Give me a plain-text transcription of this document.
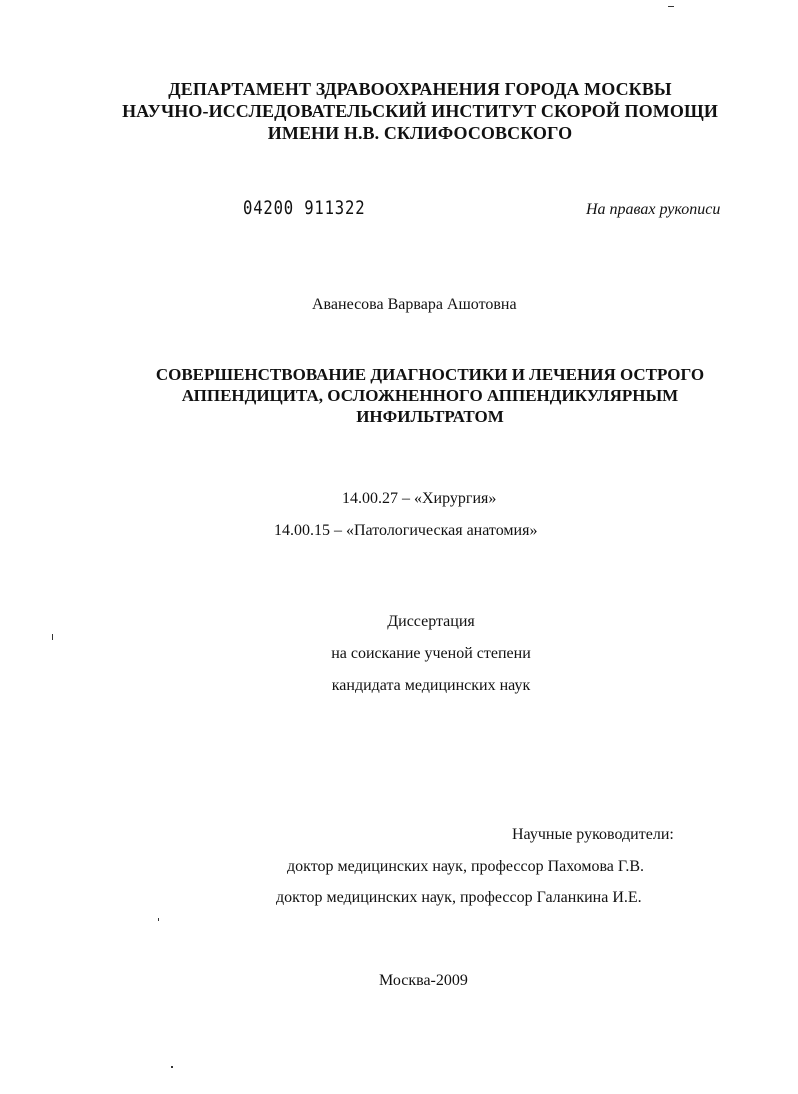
ДЕПАРТАМЕНТ ЗДРАВООХРАНЕНИЯ ГОРОДА МОСКВЫ
НАУЧНО-ИССЛЕДОВАТЕЛЬСКИЙ ИНСТИТУТ СКОРОЙ ПОМОЩИ
ИМЕНИ Н.В. СКЛИФОСОВСКОГО
04200 911322	На правах рукописи
Аванесова Варвара Ашотовна
СОВЕРШЕНСТВОВАНИЕ ДИАГНОСТИКИ И ЛЕЧЕНИЯ ОСТРОГО
АППЕНДИЦИТА, ОСЛОЖНЕННОГО АППЕНДИКУЛЯРНЫМ
ИНФИЛЬТРАТОМ
14.00.27 – «Хирургия»
14.00.15 – «Патологическая анатомия»
Диссертация
на соискание ученой степени
кандидата медицинских наук
Научные руководители:
доктор медицинских наук, профессор Пахомова Г.В.
доктор медицинских наук, профессор Галанкина И.Е.
Москва-2009
